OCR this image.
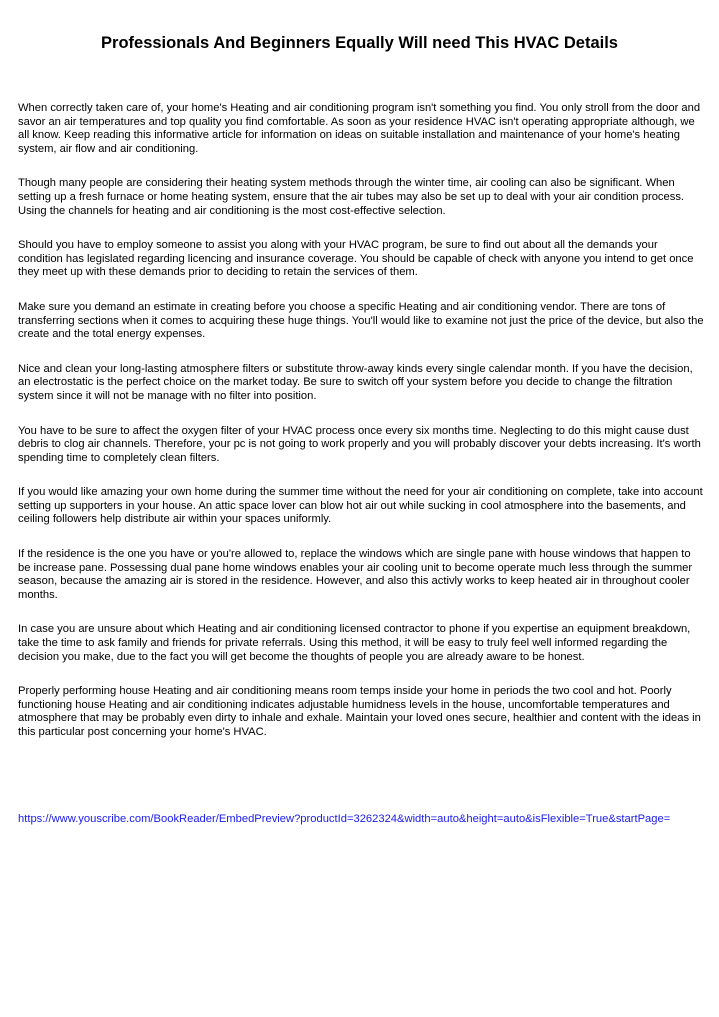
Professionals And Beginners Equally Will need This HVAC Details

When correctly taken care of, your home's Heating and air conditioning program isn't something you find. You only stroll from the door and savor an air temperatures and top quality you find comfortable. As soon as your residence HVAC isn't operating appropriate although, we all know. Keep reading this informative article for information on ideas on suitable installation and maintenance of your home's heating system, air flow and air conditioning.

Though many people are considering their heating system methods through the winter time, air cooling can also be significant. When setting up a fresh furnace or home heating system, ensure that the air tubes may also be set up to deal with your air condition process. Using the channels for heating and air conditioning is the most cost-effective selection.

Should you have to employ someone to assist you along with your HVAC program, be sure to find out about all the demands your condition has legislated regarding licencing and insurance coverage. You should be capable of check with anyone you intend to get once they meet up with these demands prior to deciding to retain the services of them.

Make sure you demand an estimate in creating before you choose a specific Heating and air conditioning vendor. There are tons of transferring sections when it comes to acquiring these huge things. You'll would like to examine not just the price of the device, but also the create and the total energy expenses.

Nice and clean your long-lasting atmosphere filters or substitute throw-away kinds every single calendar month. If you have the decision, an electrostatic is the perfect choice on the market today. Be sure to switch off your system before you decide to change the filtration system since it will not be manage with no filter into position.

You have to be sure to affect the oxygen filter of your HVAC process once every six months time. Neglecting to do this might cause dust debris to clog air channels. Therefore, your pc is not going to work properly and you will probably discover your debts increasing. It's worth spending time to completely clean filters.

If you would like amazing your own home during the summer time without the need for your air conditioning on complete, take into account setting up supporters in your house. An attic space lover can blow hot air out while sucking in cool atmosphere into the basements, and ceiling followers help distribute air within your spaces uniformly.

If the residence is the one you have or you're allowed to, replace the windows which are single pane with house windows that happen to be increase pane. Possessing dual pane home windows enables your air cooling unit to become operate much less through the summer season, because the amazing air is stored in the residence. However, and also this activly works to keep heated air in throughout cooler months.

In case you are unsure about which Heating and air conditioning licensed contractor to phone if you expertise an equipment breakdown, take the time to ask family and friends for private referrals. Using this method, it will be easy to truly feel well informed regarding the decision you make, due to the fact you will get become the thoughts of people you are already aware to be honest.

Properly performing house Heating and air conditioning means room temps inside your home in periods the two cool and hot. Poorly functioning house Heating and air conditioning indicates adjustable humidness levels in the house, uncomfortable temperatures and atmosphere that may be probably even dirty to inhale and exhale. Maintain your loved ones secure, healthier and content with the ideas in this particular post concerning your home's HVAC.

https://www.youscribe.com/BookReader/EmbedPreview?productId=3262324&width=auto&height=auto&isFlexible=True&startPage=
